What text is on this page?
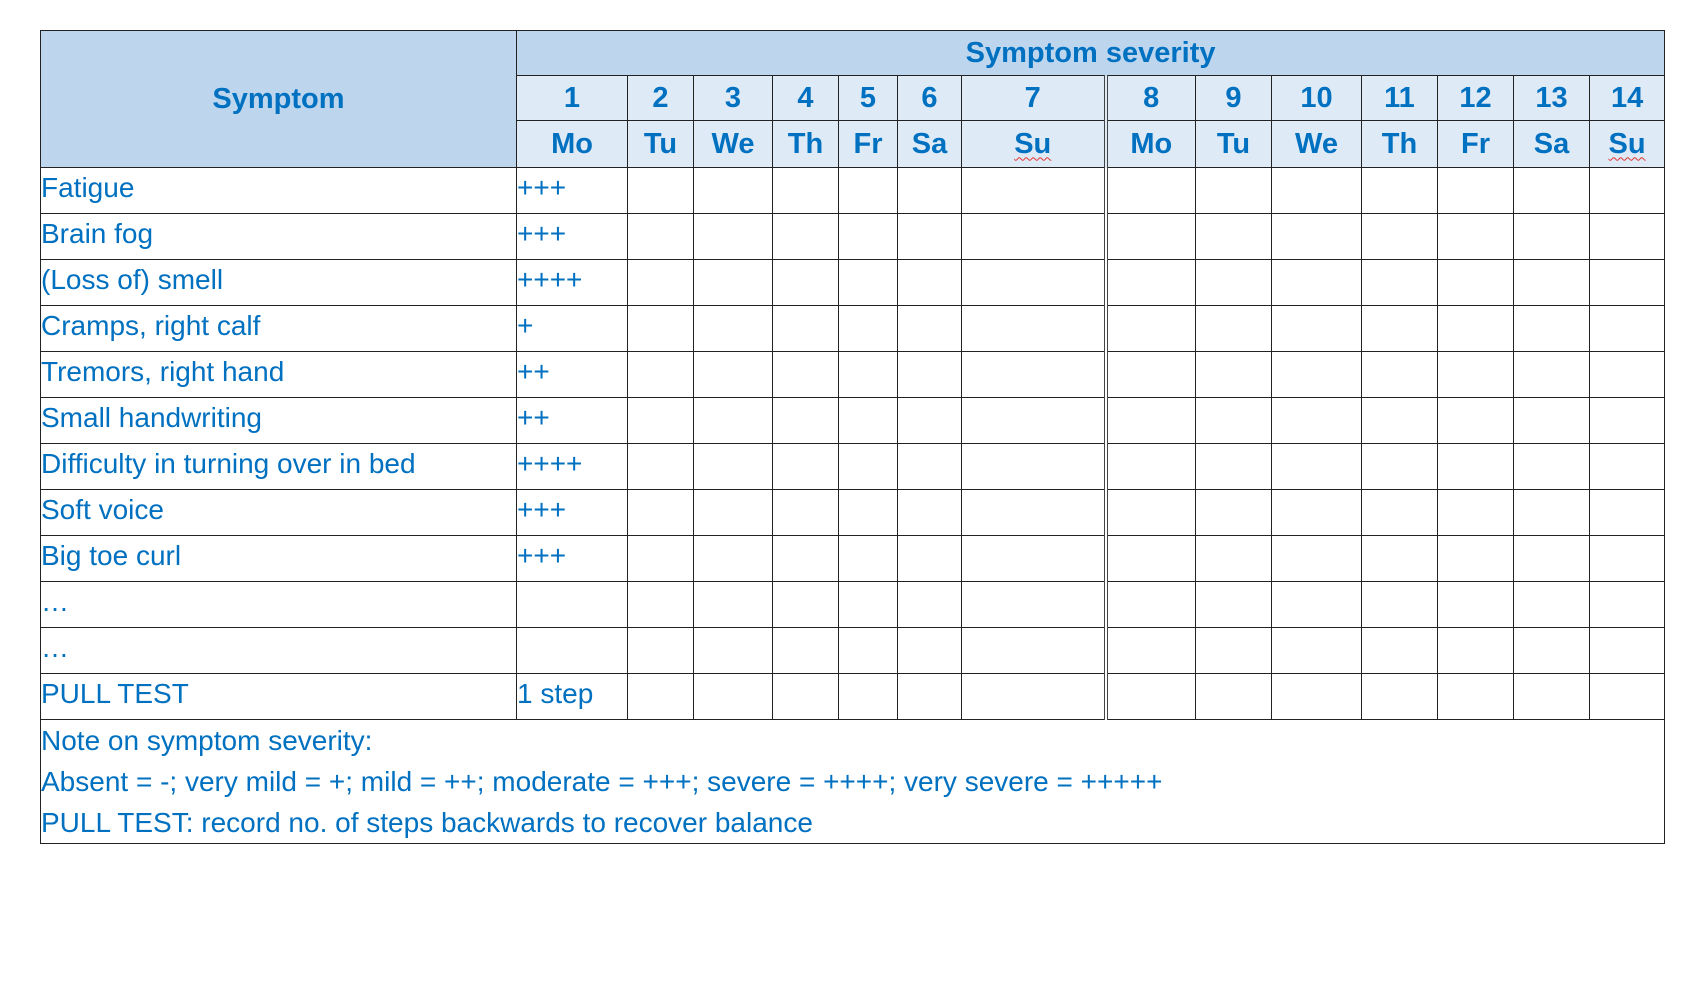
Symptom	Symptom severity													
	1	2	3	4	5	6	7	8	9	10	11	12	13	14
	Mo	Tu	We	Th	Fr	Sa	Su	Mo	Tu	We	Th	Fr	Sa	Su
Fatigue	+++													
Brain fog	+++													
(Loss of) smell	++++													
Cramps, right calf	+													
Tremors, right hand	++													
Small handwriting	++													
Difficulty in turning over in bed	++++													
Soft voice	+++													
Big toe curl	+++													
…														
…														
PULL TEST	1 step													

Note on symptom severity:
Absent = -; very mild = +; mild = ++; moderate = +++; severe = ++++; very severe = +++++
PULL TEST: record no. of steps backwards to recover balance														
